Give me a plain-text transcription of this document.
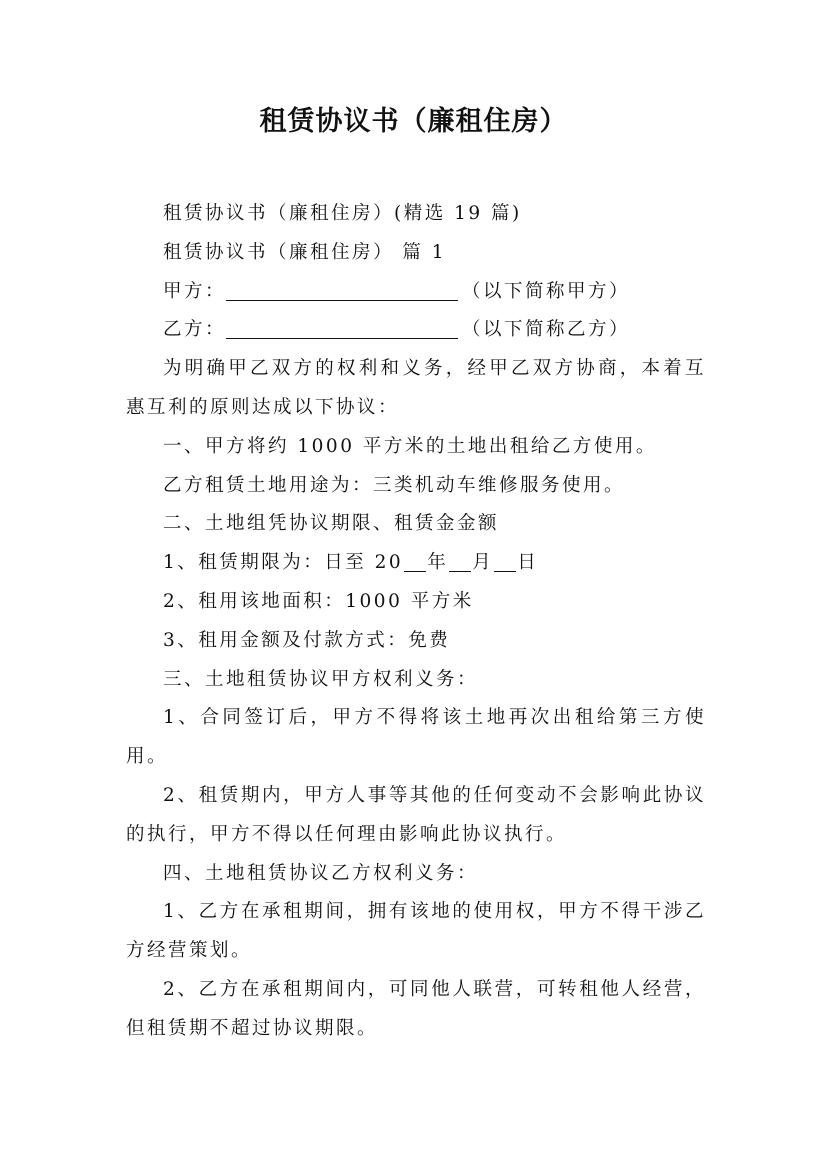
租赁协议书（廉租住房）

租赁协议书（廉租住房）(精选 19 篇)

租赁协议书（廉租住房） 篇 1

甲方：	（以下简称甲方）

乙方：	（以下简称乙方）

为明确甲乙双方的权利和义务，经甲乙双方协商，本着互惠互利的原则达成以下协议：

一、甲方将约 1000 平方米的土地出租给乙方使用。

乙方租赁土地用途为：三类机动车维修服务使用。

二、土地组凭协议期限、租赁金金额

1、租赁期限为：日至 20 年 月 日

2、租用该地面积：1000 平方米

3、租用金额及付款方式：免费

三、土地租赁协议甲方权利义务：

1、合同签订后，甲方不得将该土地再次出租给第三方使用。

2、租赁期内，甲方人事等其他的任何变动不会影响此协议的执行，甲方不得以任何理由影响此协议执行。

四、土地租赁协议乙方权利义务：

1、乙方在承租期间，拥有该地的使用权，甲方不得干涉乙方经营策划。

2、乙方在承租期间内，可同他人联营，可转租他人经营，但租赁期不超过协议期限。
